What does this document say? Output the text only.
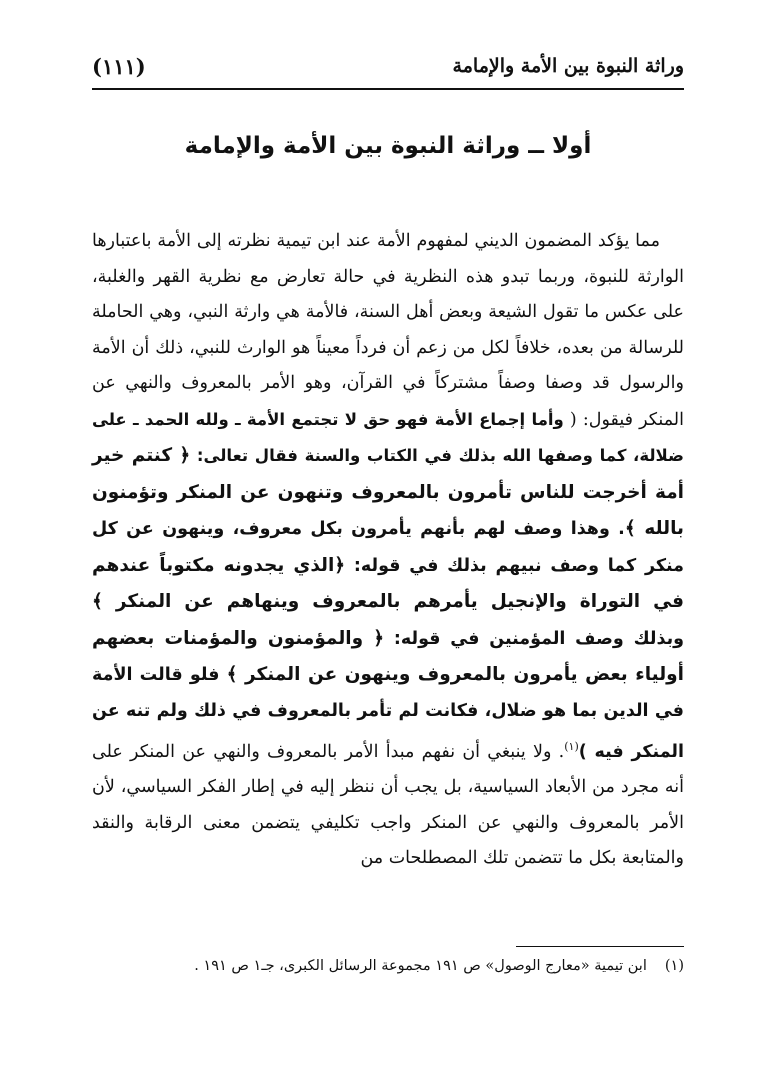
وراثة النبوة بين الأمة والإمامة
(١١١)
أولا ــ وراثة النبوة بين الأمة والإمامة

مما يؤكد المضمون الديني لمفهوم الأمة عند ابن تيمية نظرته إلى الأمة باعتبارها الوارثة للنبوة، وربما تبدو هذه النظرية في حالة تعارض مع نظرية القهر والغلبة، على عكس ما تقول الشيعة وبعض أهل السنة، فالأمة هي وارثة النبي، وهي الحاملة للرسالة من بعده، خلافاً لكل من زعم أن فرداً معيناً هو الوارث للنبي، ذلك أن الأمة والرسول قد وصفا وصفاً مشتركاً في القرآن، وهو الأمر بالمعروف والنهي عن المنكر فيقول: ( وأما إجماع الأمة فهو حق لا تجتمع الأمة ـ ولله الحمد ـ على ضلالة، كما وصفها الله بذلك في الكتاب والسنة فقال تعالى: ﴿ كنتم خير أمة أخرجت للناس تأمرون بالمعروف وتنهون عن المنكر وتؤمنون بالله ﴾. وهذا وصف لهم بأنهم يأمرون بكل معروف، وينهون عن كل منكر كما وصف نبيهم بذلك في قوله: ﴿الذي يجدونه مكتوباً عندهم في التوراة والإنجيل يأمرهم بالمعروف وينهاهم عن المنكر ﴾ وبذلك وصف المؤمنين في قوله: ﴿ والمؤمنون والمؤمنات بعضهم أولياء بعض يأمرون بالمعروف وينهون عن المنكر ﴾ فلو قالت الأمة في الدين بما هو ضلال، فكانت لم تأمر بالمعروف في ذلك ولم تنه عن المنكر فيه )$^{(١)}$. ولا ينبغي أن نفهم مبدأ الأمر بالمعروف والنهي عن المنكر على أنه مجرد من الأبعاد السياسية، بل يجب أن ننظر إليه في إطار الفكر السياسي، لأن الأمر بالمعروف والنهي عن المنكر واجب تكليفي يتضمن معنى الرقابة والنقد والمتابعة بكل ما تتضمن تلك المصطلحات من

(١)ابن تيمية «معارج الوصول» ص ١٩١ مجموعة الرسائل الكبرى، جـ١ ص ١٩١ .
